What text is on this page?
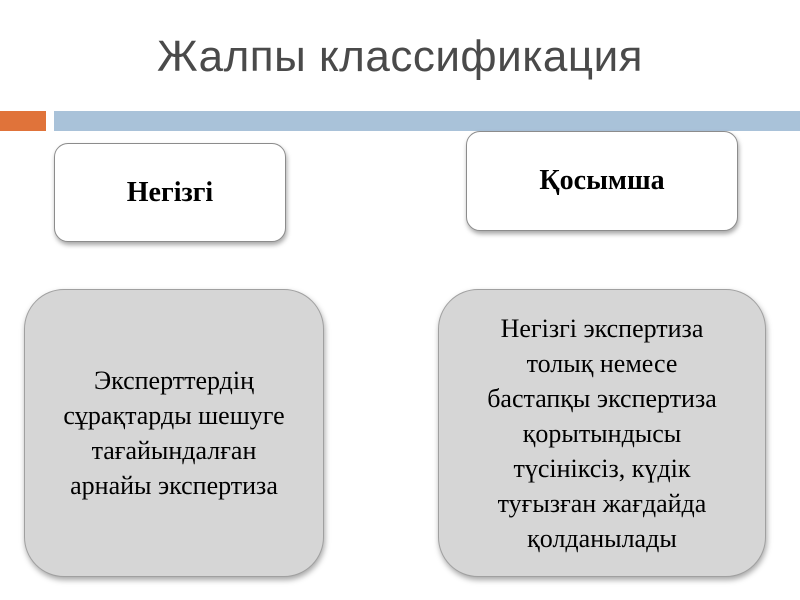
Жалпы классификация
Негізгі	Қосымша
Эксперттердің
сұрақтарды шешуге
тағайындалған
арнайы экспертиза
Негізгі экспертиза
толық немесе
бастапқы экспертиза
қорытындысы
түсініксіз, күдік
туғызған жағдайда
қолданылады
